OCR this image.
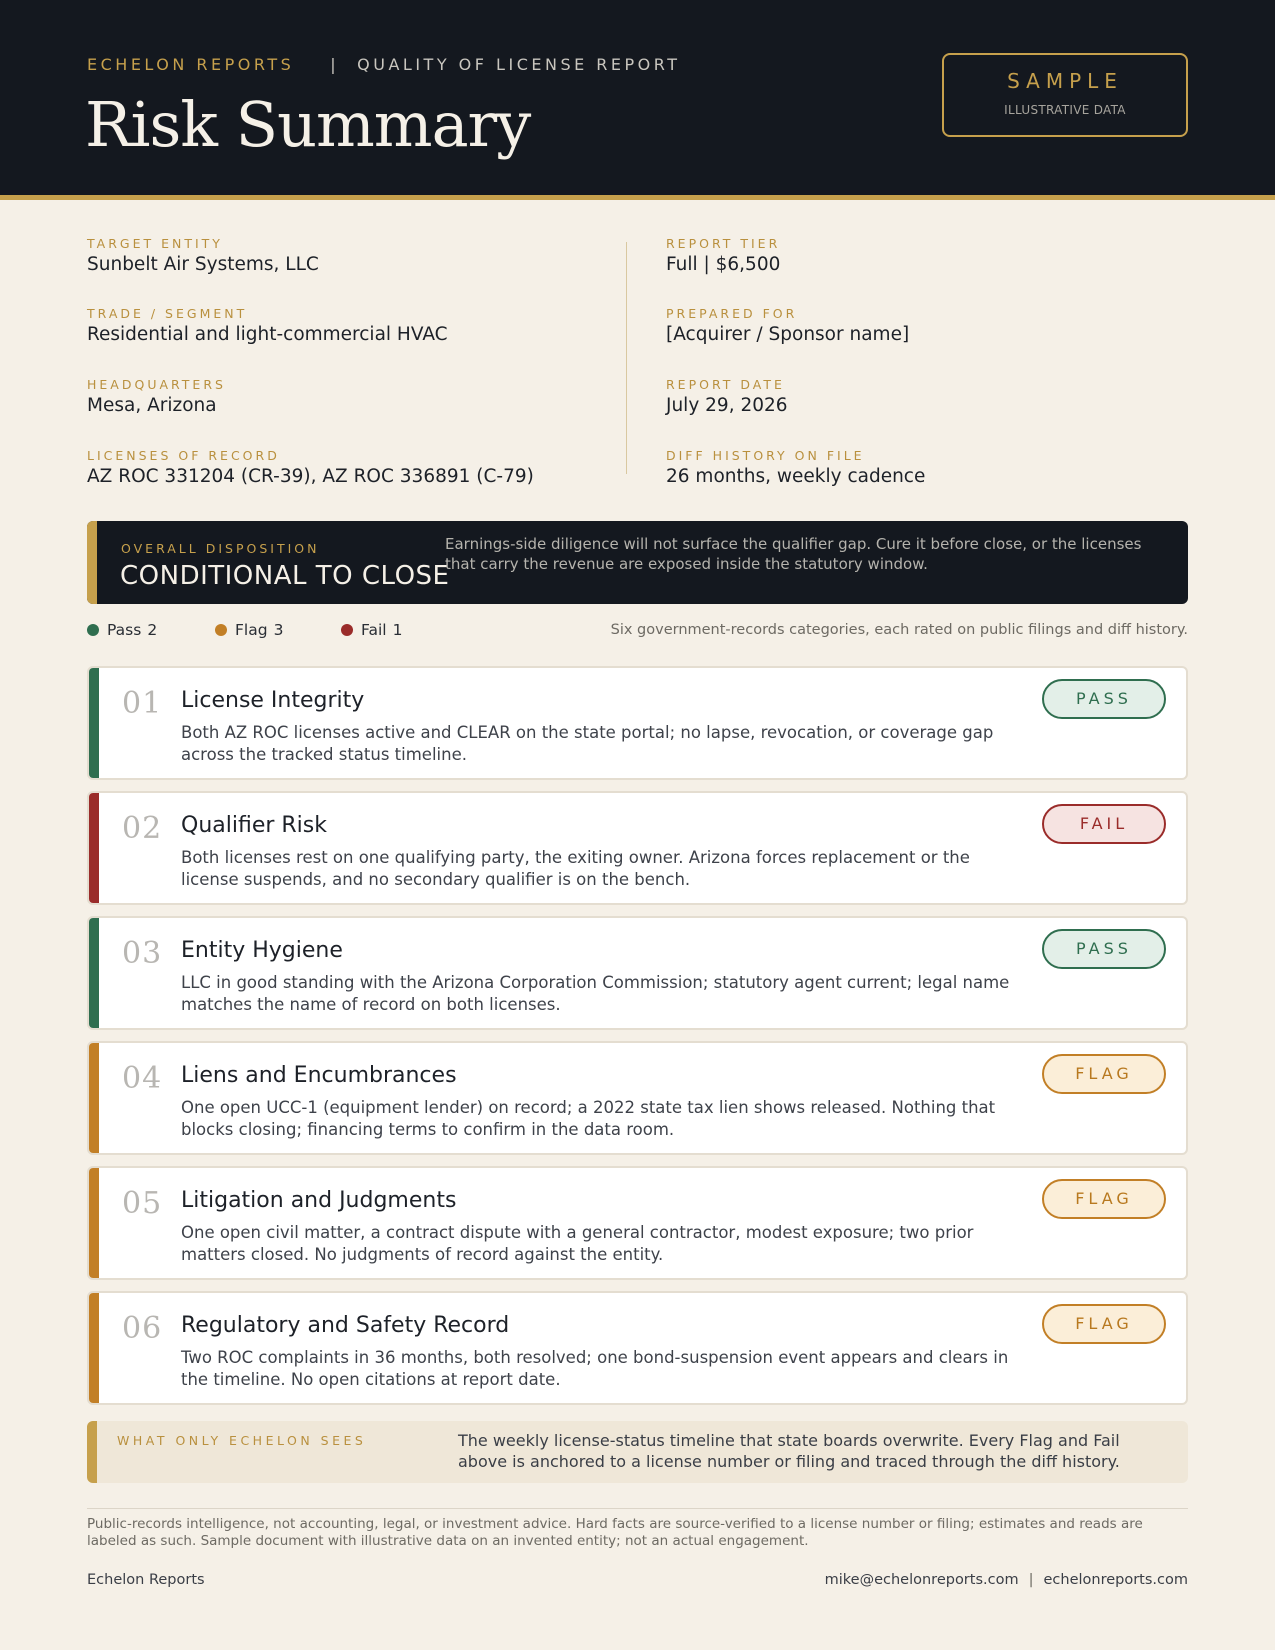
ECHELON REPORTS | QUALITY OF LICENSE REPORT
Risk Summary
SAMPLE
ILLUSTRATIVE DATA
TARGET ENTITY
Sunbelt Air Systems, LLC
TRADE / SEGMENT
Residential and light-commercial HVAC
HEADQUARTERS
Mesa, Arizona
LICENSES OF RECORD
AZ ROC 331204 (CR-39), AZ ROC 336891 (C-79)
REPORT TIER
Full | $6,500
PREPARED FOR
[Acquirer / Sponsor name]
REPORT DATE
July 29, 2026
DIFF HISTORY ON FILE
26 months, weekly cadence
OVERALL DISPOSITION
CONDITIONAL TO CLOSE
Earnings-side diligence will not surface the qualifier gap. Cure it before close, or the licenses that carry the revenue are exposed inside the statutory window.
Pass 2	Flag 3	Fail 1	Six government-records categories, each rated on public filings and diff history.
01 License Integrity
Both AZ ROC licenses active and CLEAR on the state portal; no lapse, revocation, or coverage gap across the tracked status timeline.
PASS
02 Qualifier Risk
Both licenses rest on one qualifying party, the exiting owner. Arizona forces replacement or the license suspends, and no secondary qualifier is on the bench.
FAIL
03 Entity Hygiene
LLC in good standing with the Arizona Corporation Commission; statutory agent current; legal name matches the name of record on both licenses.
PASS
04 Liens and Encumbrances
One open UCC-1 (equipment lender) on record; a 2022 state tax lien shows released. Nothing that blocks closing; financing terms to confirm in the data room.
FLAG
05 Litigation and Judgments
One open civil matter, a contract dispute with a general contractor, modest exposure; two prior matters closed. No judgments of record against the entity.
FLAG
06 Regulatory and Safety Record
Two ROC complaints in 36 months, both resolved; one bond-suspension event appears and clears in the timeline. No open citations at report date.
FLAG
WHAT ONLY ECHELON SEES	The weekly license-status timeline that state boards overwrite. Every Flag and Fail above is anchored to a license number or filing and traced through the diff history.
Public-records intelligence, not accounting, legal, or investment advice. Hard facts are source-verified to a license number or filing; estimates and reads are labeled as such. Sample document with illustrative data on an invented entity; not an actual engagement.
Echelon Reports	mike@echelonreports.com | echelonreports.com
